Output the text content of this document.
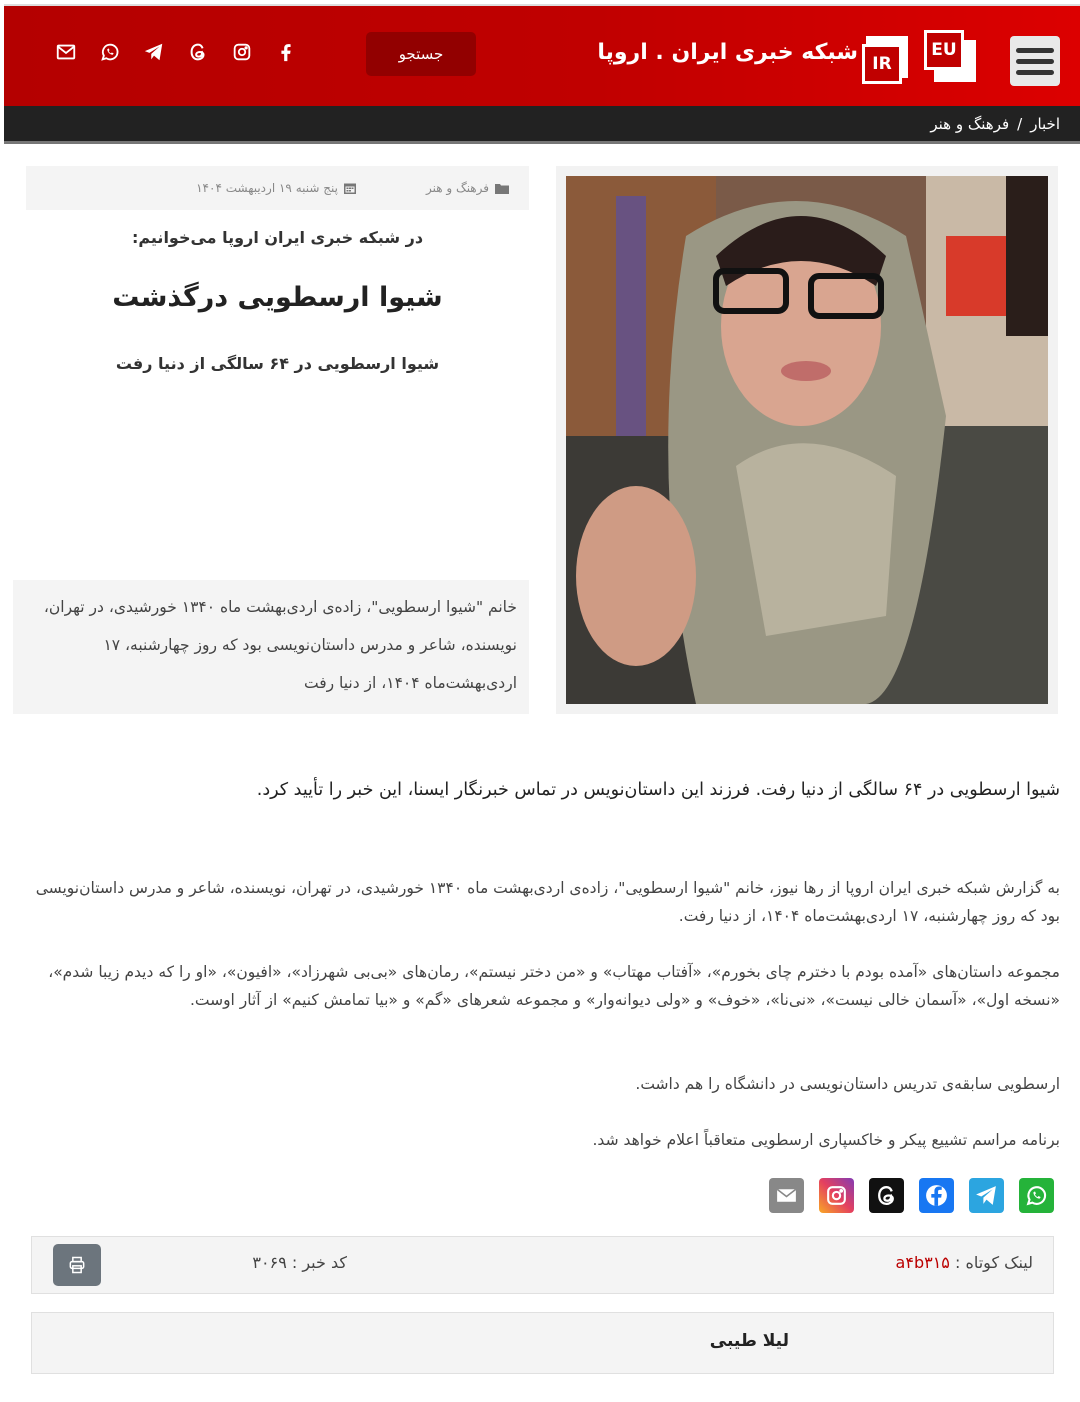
EU
IR
شبکه خبری ایران . اروپا
جستجو
اخبار
/
فرهنگ و هنر
فرهنگ و هنر
پنج شنبه ۱۹ اردیبهشت ۱۴۰۴
در شبکه خبری ایران اروپا می‌خوانیم:
شیوا ارسطویی درگذشت
شیوا ارسطویی در ۶۴ سالگی از دنیا رفت
خانم "شیوا ارسطویی"، زاده‌ی اردی‌بهشت ماه ۱۳۴۰ خورشیدی، در تهران، نویسنده، شاعر و مدرس داستان‌نویسی بود که روز چهارشنبه، ۱۷ اردی‌بهشت‌ماه ۱۴۰۴، از دنیا رفت
شیوا ارسطویی در ۶۴ سالگی از دنیا رفت. فرزند این داستان‌نویس در تماس خبرنگار ایسنا، این خبر را تأیید کرد.

به گزارش شبکه خبری ایران اروپا از رها نیوز، خانم "شیوا ارسطویی"، زاده‌ی اردی‌بهشت ماه ۱۳۴۰ خورشیدی، در تهران، نویسنده، شاعر و مدرس داستان‌نویسی بود که روز چهارشنبه، ۱۷ اردی‌بهشت‌ماه ۱۴۰۴، از دنیا رفت.

مجموعه داستان‌های «آمده بودم با دخترم چای بخورم»، «آفتاب مهتاب» و «من دختر نیستم»، رمان‌های «بی‌بی شهرزاد»، «افیون»، «او را که دیدم زیبا شدم»، «نسخه اول»، «آسمان خالی نیست»، «نی‌نا»، «خوف» و «ولی دیوانه‌وار» و مجموعه شعرهای «گم» و «بیا تمامش کنیم» از آثار اوست.

ارسطویی سابقه‌ی تدریس داستان‌نویسی در دانشگاه را هم داشت.

برنامه مراسم تشییع پیکر و خاکسپاری ارسطویی متعاقباً اعلام خواهد شد.

لینک کوتاه : a۴b۳۱۵
کد خبر : ۳۰۶۹
لیلا طیبی
